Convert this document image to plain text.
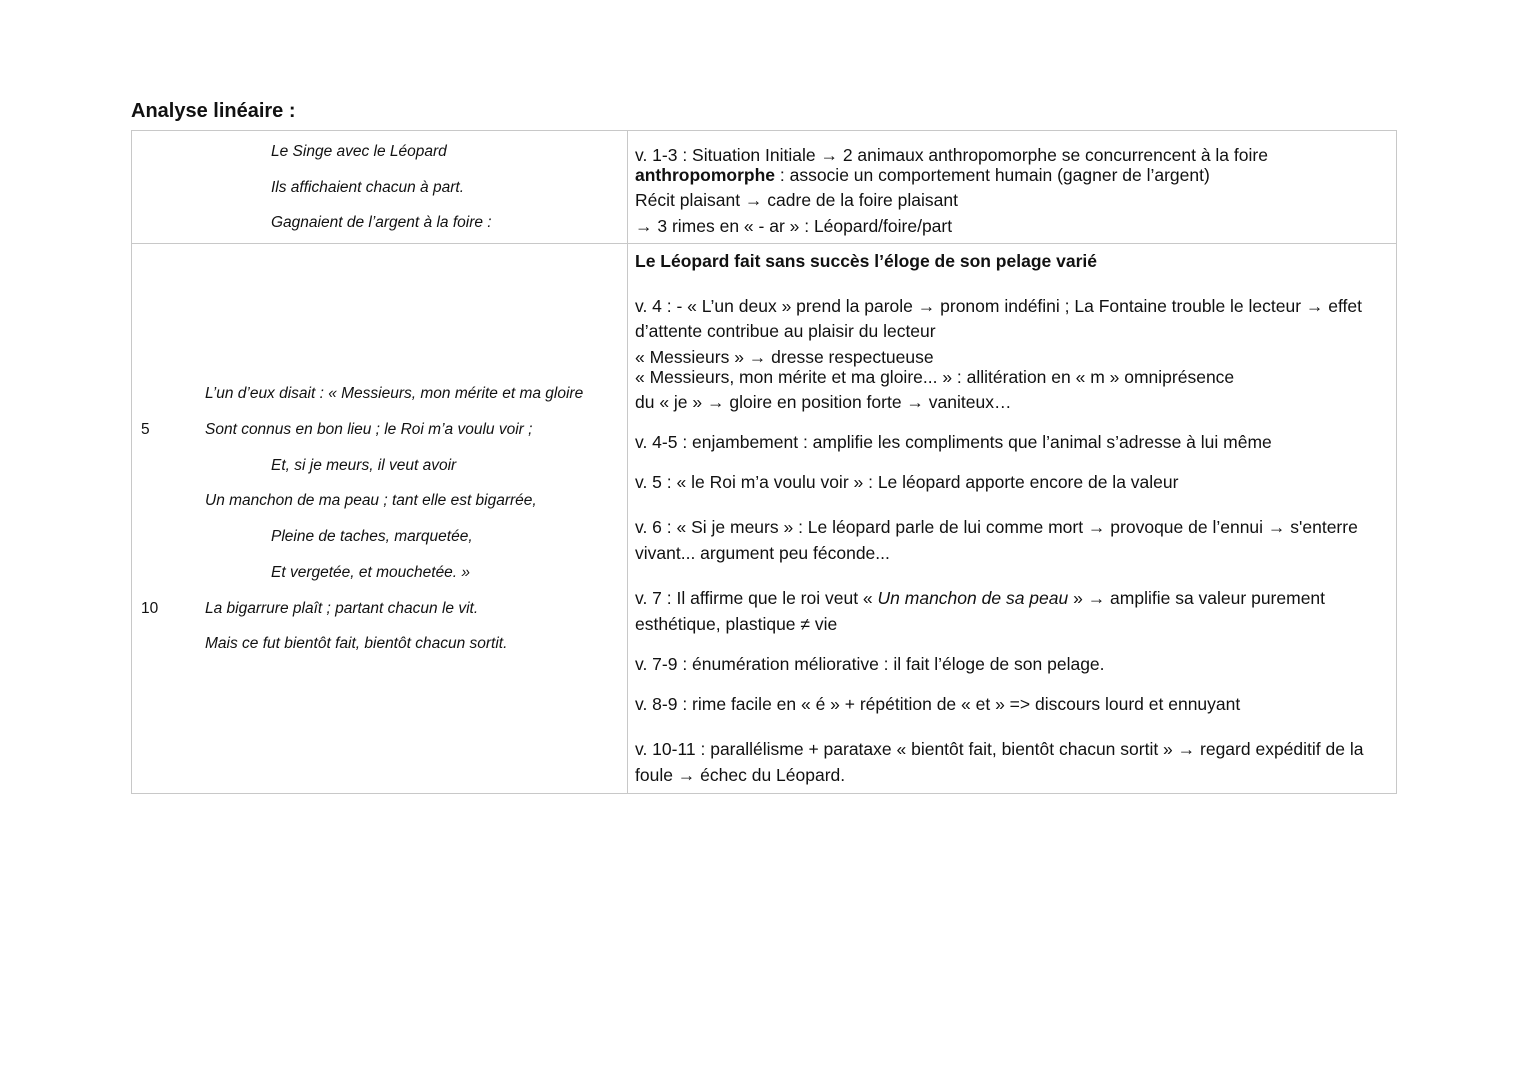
Analyse linéaire :
Le Singe avec le Léopard
Ils affichaient chacun à part.
Gagnaient de l’argent à la foire :
v. 1-3 : Situation Initiale → 2 animaux anthropomorphe se concurrencent à la foire
anthropomorphe : associe un comportement humain (gagner de l’argent)
Récit plaisant → cadre de la foire plaisant
→ 3 rimes en « - ar » : Léopard/foire/part
L’un d’eux disait : « Messieurs, mon mérite et ma gloire
5	Sont connus en bon lieu ; le Roi m’a voulu voir ;
Et, si je meurs, il veut avoir
Un manchon de ma peau ; tant elle est bigarrée,
Pleine de taches, marquetée,
Et vergetée, et mouchetée. »
10	La bigarrure plaît ; partant chacun le vit.
Mais ce fut bientôt fait, bientôt chacun sortit.
Le Léopard fait sans succès l’éloge de son pelage varié
v. 4 : - « L’un deux » prend la parole → pronom indéfini ; La Fontaine trouble le lecteur → effet
d’attente contribue au plaisir du lecteur
« Messieurs » → dresse respectueuse
« Messieurs, mon mérite et ma gloire... » : allitération en « m » omniprésence
du « je » → gloire en position forte → vaniteux…
v. 4-5 : enjambement : amplifie les compliments que l’animal s’adresse à lui même
v. 5 : « le Roi m’a voulu voir » : Le léopard apporte encore de la valeur
v. 6 : « Si je meurs » : Le léopard parle de lui comme mort → provoque de l’ennui → s'enterre
vivant... argument peu féconde...
v. 7 : Il affirme que le roi veut « Un manchon de sa peau » → amplifie sa valeur purement
esthétique, plastique ≠ vie
v. 7-9 : énumération méliorative : il fait l’éloge de son pelage.
v. 8-9 : rime facile en « é » + répétition de « et » => discours lourd et ennuyant
v. 10-11 : parallélisme + parataxe « bientôt fait, bientôt chacun sortit » → regard expéditif de la
foule → échec du Léopard.
